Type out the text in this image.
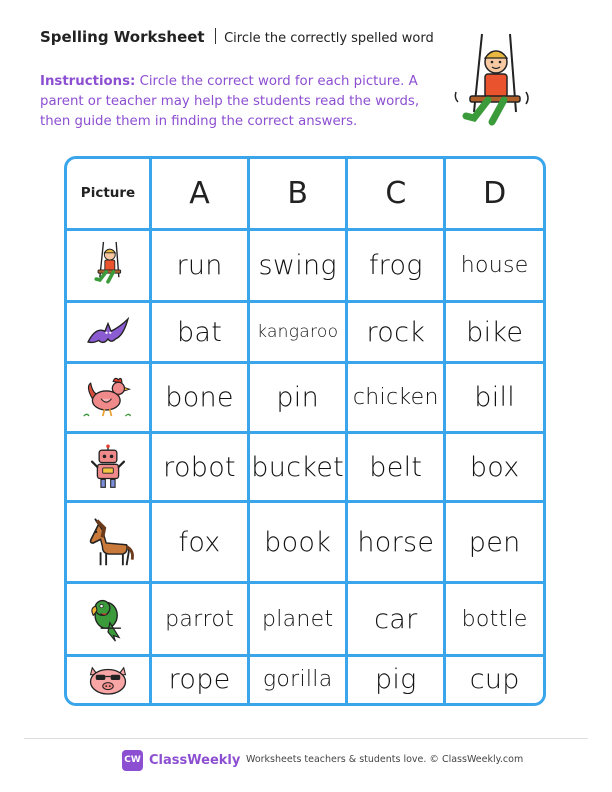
Spelling Worksheet Circle the correctly spelled word
Instructions: Circle the correct word for each picture. A parent or teacher may help the students read the words, then guide them in finding the correct answers.
Picture	A	B	C	D

	run	swing	frog	house

	bat	kangaroo	rock	bike

	bone	pin	chicken	bill

	robot	bucket	belt	box

	fox	book	horse	pen

	parrot	planet	car	bottle

	rope	gorilla	pig	cup
CW ClassWeekly Worksheets teachers & students love. © ClassWeekly.com
